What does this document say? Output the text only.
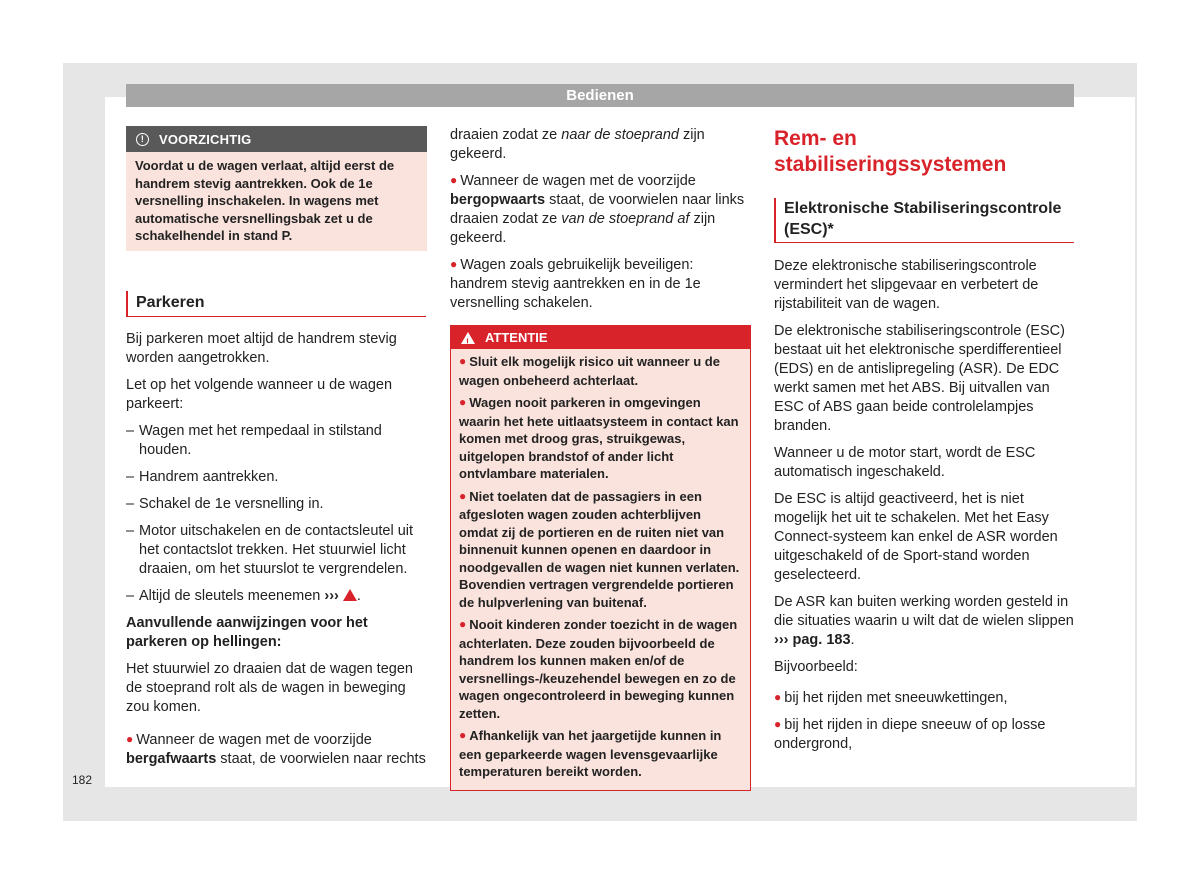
Bedienen
!	VOORZICHTIG
Voordat u de wagen verlaat, altijd eerst de handrem stevig aantrekken. Ook de 1e versnelling inschakelen. In wagens met automatische versnellingsbak zet u de schakelhendel in stand P.
Parkeren

Bij parkeren moet altijd de handrem stevig worden aangetrokken.

Let op het volgende wanneer u de wagen parkeert:

– Wagen met het rempedaal in stilstand houden.
– Handrem aantrekken.
– Schakel de 1e versnelling in.
– Motor uitschakelen en de contactsleutel uit het contactslot trekken. Het stuurwiel licht draaien, om het stuurslot te vergrendelen.
– Altijd de sleutels meenemen ››› .

Aanvullende aanwijzingen voor het parkeren op hellingen:

Het stuurwiel zo draaien dat de wagen tegen de stoeprand rolt als de wagen in beweging zou komen.

● Wanneer de wagen met de voorzijde bergafwaarts staat, de voorwielen naar rechts

draaien zodat ze naar de stoeprand zijn gekeerd.

● Wanneer de wagen met de voorzijde bergopwaarts staat, de voorwielen naar links draaien zodat ze van de stoeprand af zijn gekeerd.

● Wagen zoals gebruikelijk beveiligen: handrem stevig aantrekken en in de 1e versnelling schakelen.

!
ATTENTIE

● Sluit elk mogelijk risico uit wanneer u de wagen onbeheerd achterlaat.

● Wagen nooit parkeren in omgevingen waarin het hete uitlaatsysteem in contact kan komen met droog gras, struikgewas, uitgelopen brandstof of ander licht ontvlambare materialen.

● Niet toelaten dat de passagiers in een afgesloten wagen zouden achterblijven omdat zij de portieren en de ruiten niet van binnenuit kunnen openen en daardoor in noodgevallen de wagen niet kunnen verlaten. Bovendien vertragen vergrendelde portieren de hulpverlening van buitenaf.

● Nooit kinderen zonder toezicht in de wagen achterlaten. Deze zouden bijvoorbeeld de handrem los kunnen maken en/of de versnellings-/keuzehendel bewegen en zo de wagen ongecontroleerd in beweging kunnen zetten.

● Afhankelijk van het jaargetijde kunnen in een geparkeerde wagen levensgevaarlijke temperaturen bereikt worden.

Rem- en stabiliseringssystemen
Elektronische Stabiliseringscontrole (ESC)*

Deze elektronische stabiliseringscontrole vermindert het slipgevaar en verbetert de rijstabiliteit van de wagen.

De elektronische stabiliseringscontrole (ESC) bestaat uit het elektronische sperdifferentieel (EDS) en de antislipregeling (ASR). De EDC werkt samen met het ABS. Bij uitvallen van ESC of ABS gaan beide controlelampjes branden.

Wanneer u de motor start, wordt de ESC automatisch ingeschakeld.

De ESC is altijd geactiveerd, het is niet mogelijk het uit te schakelen. Met het Easy Connect-systeem kan enkel de ASR worden uitgeschakeld of de Sport-stand worden geselecteerd.

De ASR kan buiten werking worden gesteld in die situaties waarin u wilt dat de wielen slippen ››› pag. 183.

Bijvoorbeeld:

● bij het rijden met sneeuwkettingen,

● bij het rijden in diepe sneeuw of op losse ondergrond,

182
